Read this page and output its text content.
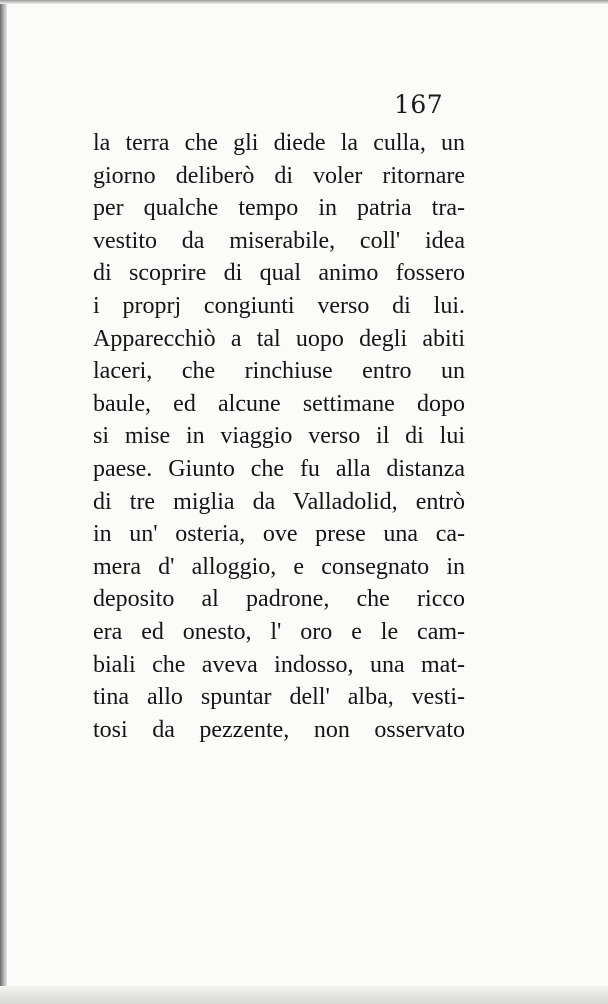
167
la terra che gli diede la culla, un
giorno deliberò di voler ritornare
per qualche tempo in patria tra-
vestito da miserabile, coll' idea
di scoprire di qual animo fossero
i proprj congiunti verso di lui.
Apparecchiò a tal uopo degli abiti
laceri, che rinchiuse entro un
baule, ed alcune settimane dopo
si mise in viaggio verso il di lui
paese. Giunto che fu alla distanza
di tre miglia da Valladolid, entrò
in un' osteria, ove prese una ca-
mera d' alloggio, e consegnato in
deposito al padrone, che ricco
era ed onesto, l' oro e le cam-
biali che aveva indosso, una mat-
tina allo spuntar dell' alba, vesti-
tosi da pezzente, non osservato
